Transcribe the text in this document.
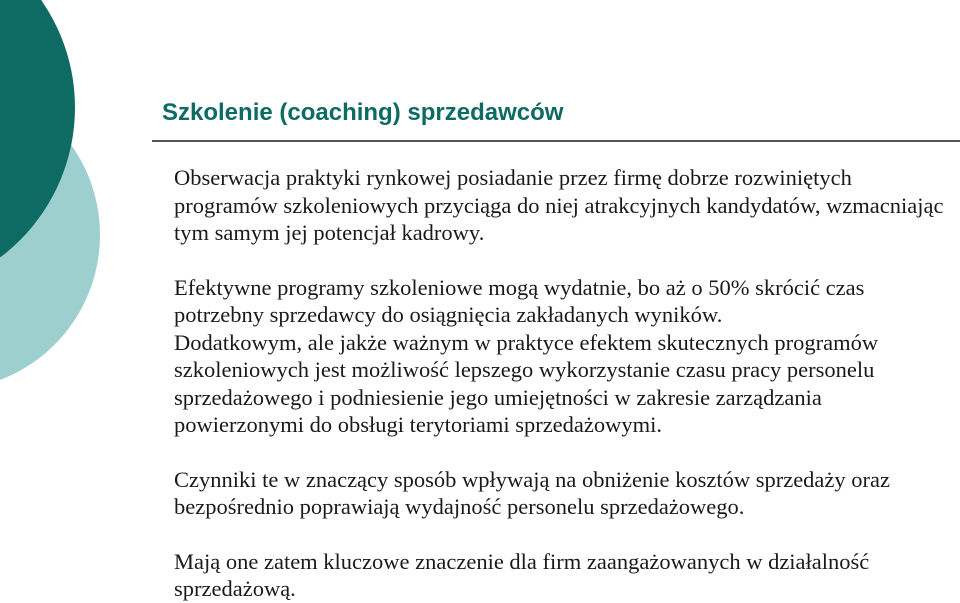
Szkolenie (coaching) sprzedawców

Obserwacja praktyki rynkowej posiadanie przez firmę dobrze rozwiniętych programów szkoleniowych przyciąga do niej atrakcyjnych kandydatów, wzmacniając tym samym jej potencjał kadrowy.

Efektywne programy szkoleniowe mogą wydatnie, bo aż o 50% skrócić czas potrzebny sprzedawcy do osiągnięcia zakładanych wyników.

Dodatkowym, ale jakże ważnym w praktyce efektem skutecznych programów szkoleniowych jest możliwość lepszego wykorzystanie czasu pracy personelu sprzedażowego i podniesienie jego umiejętności w zakresie zarządzania powierzonymi do obsługi terytoriami sprzedażowymi.

Czynniki te w znaczący sposób wpływają na obniżenie kosztów sprzedaży oraz bezpośrednio poprawiają wydajność personelu sprzedażowego.

Mają one zatem kluczowe znaczenie dla firm zaangażowanych w działalność sprzedażową.
